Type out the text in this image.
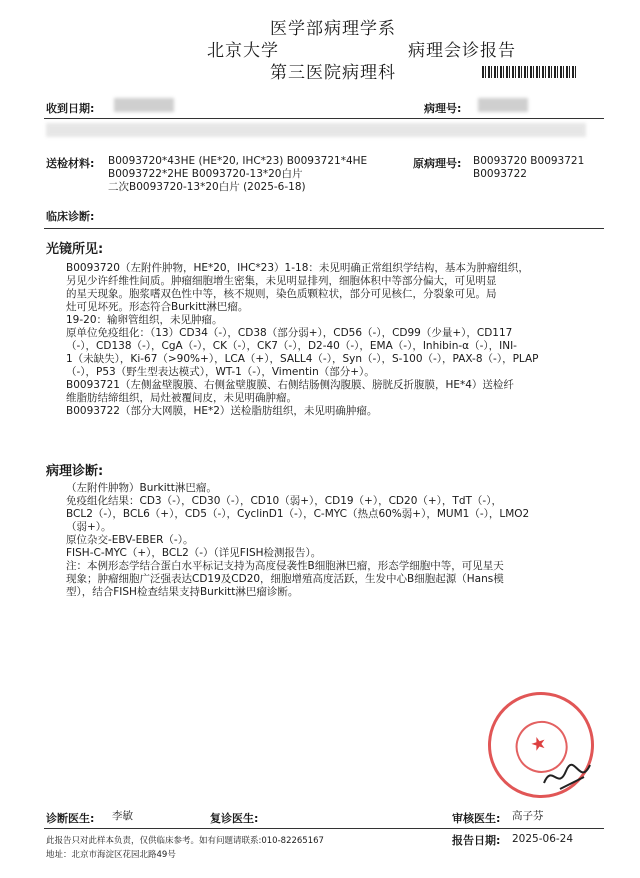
医学部病理学系
北京大学	病理会诊报告
第三医院病理科
收到日期:	病理号:
送检材料: B0093720*43HE (HE*20, IHC*23) B0093721*4HE
B0093722*2HE B0093720-13*20白片
二次B0093720-13*20白片 (2025-6-18)
原病理号: B0093720 B0093721
B0093722
临床诊断:
光镜所见:
B0093720（左附件肿物，HE*20，IHC*23）1-18：未见明确正常组织学结构，基本为肿瘤组织，
另见少许纤维性间质。肿瘤细胞增生密集，未见明显排列，细胞体积中等部分偏大，可见明显
的星天现象。胞浆嗜双色性中等，核不规则，染色质颗粒状，部分可见核仁，分裂象可见。局
灶可见坏死。形态符合Burkitt淋巴瘤。
19-20：输卵管组织，未见肿瘤。
原单位免疫组化：（13）CD34（-），CD38（部分弱+），CD56（-），CD99（少量+），CD117
（-），CD138（-），CgA（-），CK（-），CK7（-），D2-40（-），EMA（-），Inhibin-α（-），INI-
1（未缺失），Ki-67（>90%+），LCA（+），SALL4（-），Syn（-），S-100（-），PAX-8（-），PLAP
（-），P53（野生型表达模式），WT-1（-），Vimentin（部分+）。
B0093721（左侧盆壁腹膜、右侧盆壁腹膜、右侧结肠侧沟腹膜、膀胱反折腹膜，HE*4）送检纤
维脂肪结缔组织，局灶被覆间皮，未见明确肿瘤。
B0093722（部分大网膜，HE*2）送检脂肪组织，未见明确肿瘤。
病理诊断:
（左附件肿物）Burkitt淋巴瘤。
免疫组化结果：CD3（-），CD30（-），CD10（弱+），CD19（+），CD20（+），TdT（-），
BCL2（-），BCL6（+），CD5（-），CyclinD1（-），C-MYC（热点60%弱+），MUM1（-），LMO2
（弱+）。
原位杂交-EBV-EBER（-）。
FISH-C-MYC（+），BCL2（-）（详见FISH检测报告）。
注：本例形态学结合蛋白水平标记支持为高度侵袭性B细胞淋巴瘤，形态学细胞中等，可见星天
现象；肿瘤细胞广泛强表达CD19及CD20，细胞增殖高度活跃，生发中心B细胞起源（Hans模
型），结合FISH检查结果支持Burkitt淋巴瘤诊断。
★
诊断医生: 李敏	复诊医生:	审核医生: 高子芬
此报告只对此样本负责，仅供临床参考。如有问题请联系:010-82265167	报告日期: 2025-06-24
地址：北京市海淀区花园北路49号
